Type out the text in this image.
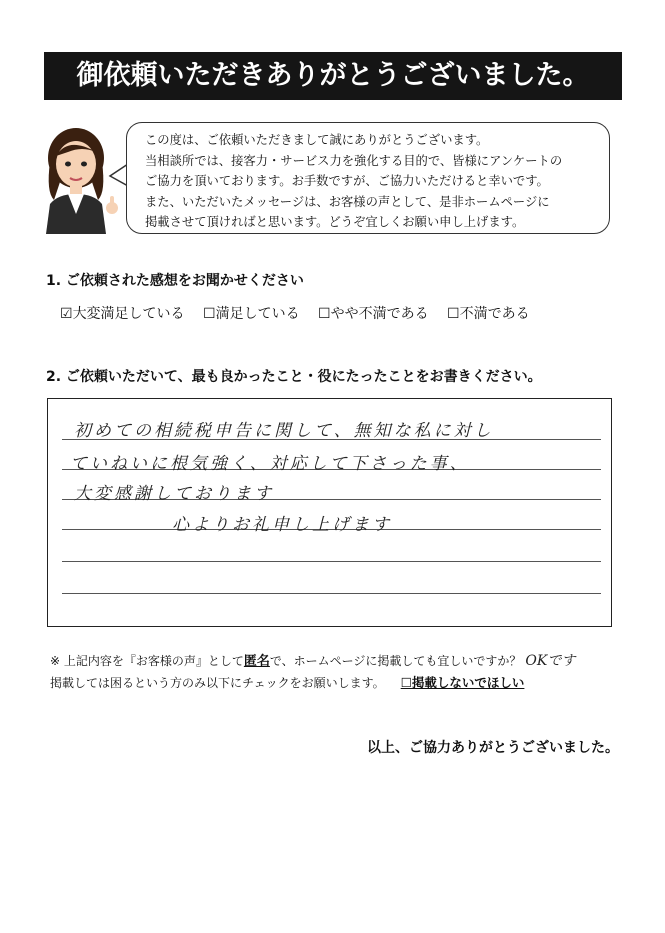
御依頼いただきありがとうございました。
この度は、ご依頼いただきまして誠にありがとうございます。
当相談所では、接客力・サービス力を強化する目的で、皆様にアンケートの
ご協力を頂いております。お手数ですが、ご協力いただけると幸いです。
また、いただいたメッセージは、お客様の声として、是非ホームページに
掲載させて頂ければと思います。どうぞ宜しくお願い申し上げます。
1. ご依頼された感想をお聞かせください
☑大変満足している ☐満足している ☐やや不満である ☐不満である
2. ご依頼いただいて、最も良かったこと・役にたったことをお書きください。
初めての相続税申告に関して、無知な私に対し
ていねいに根気強く、対応して下さった事、
大変感謝しております
心よりお礼申し上げます
※ 上記内容を『お客様の声』として匿名で、ホームページに掲載しても宜しいですか？ OKです
掲載しては困るという方のみ以下にチェックをお願いします。 ☐掲載しないでほしい
以上、ご協力ありがとうございました。
